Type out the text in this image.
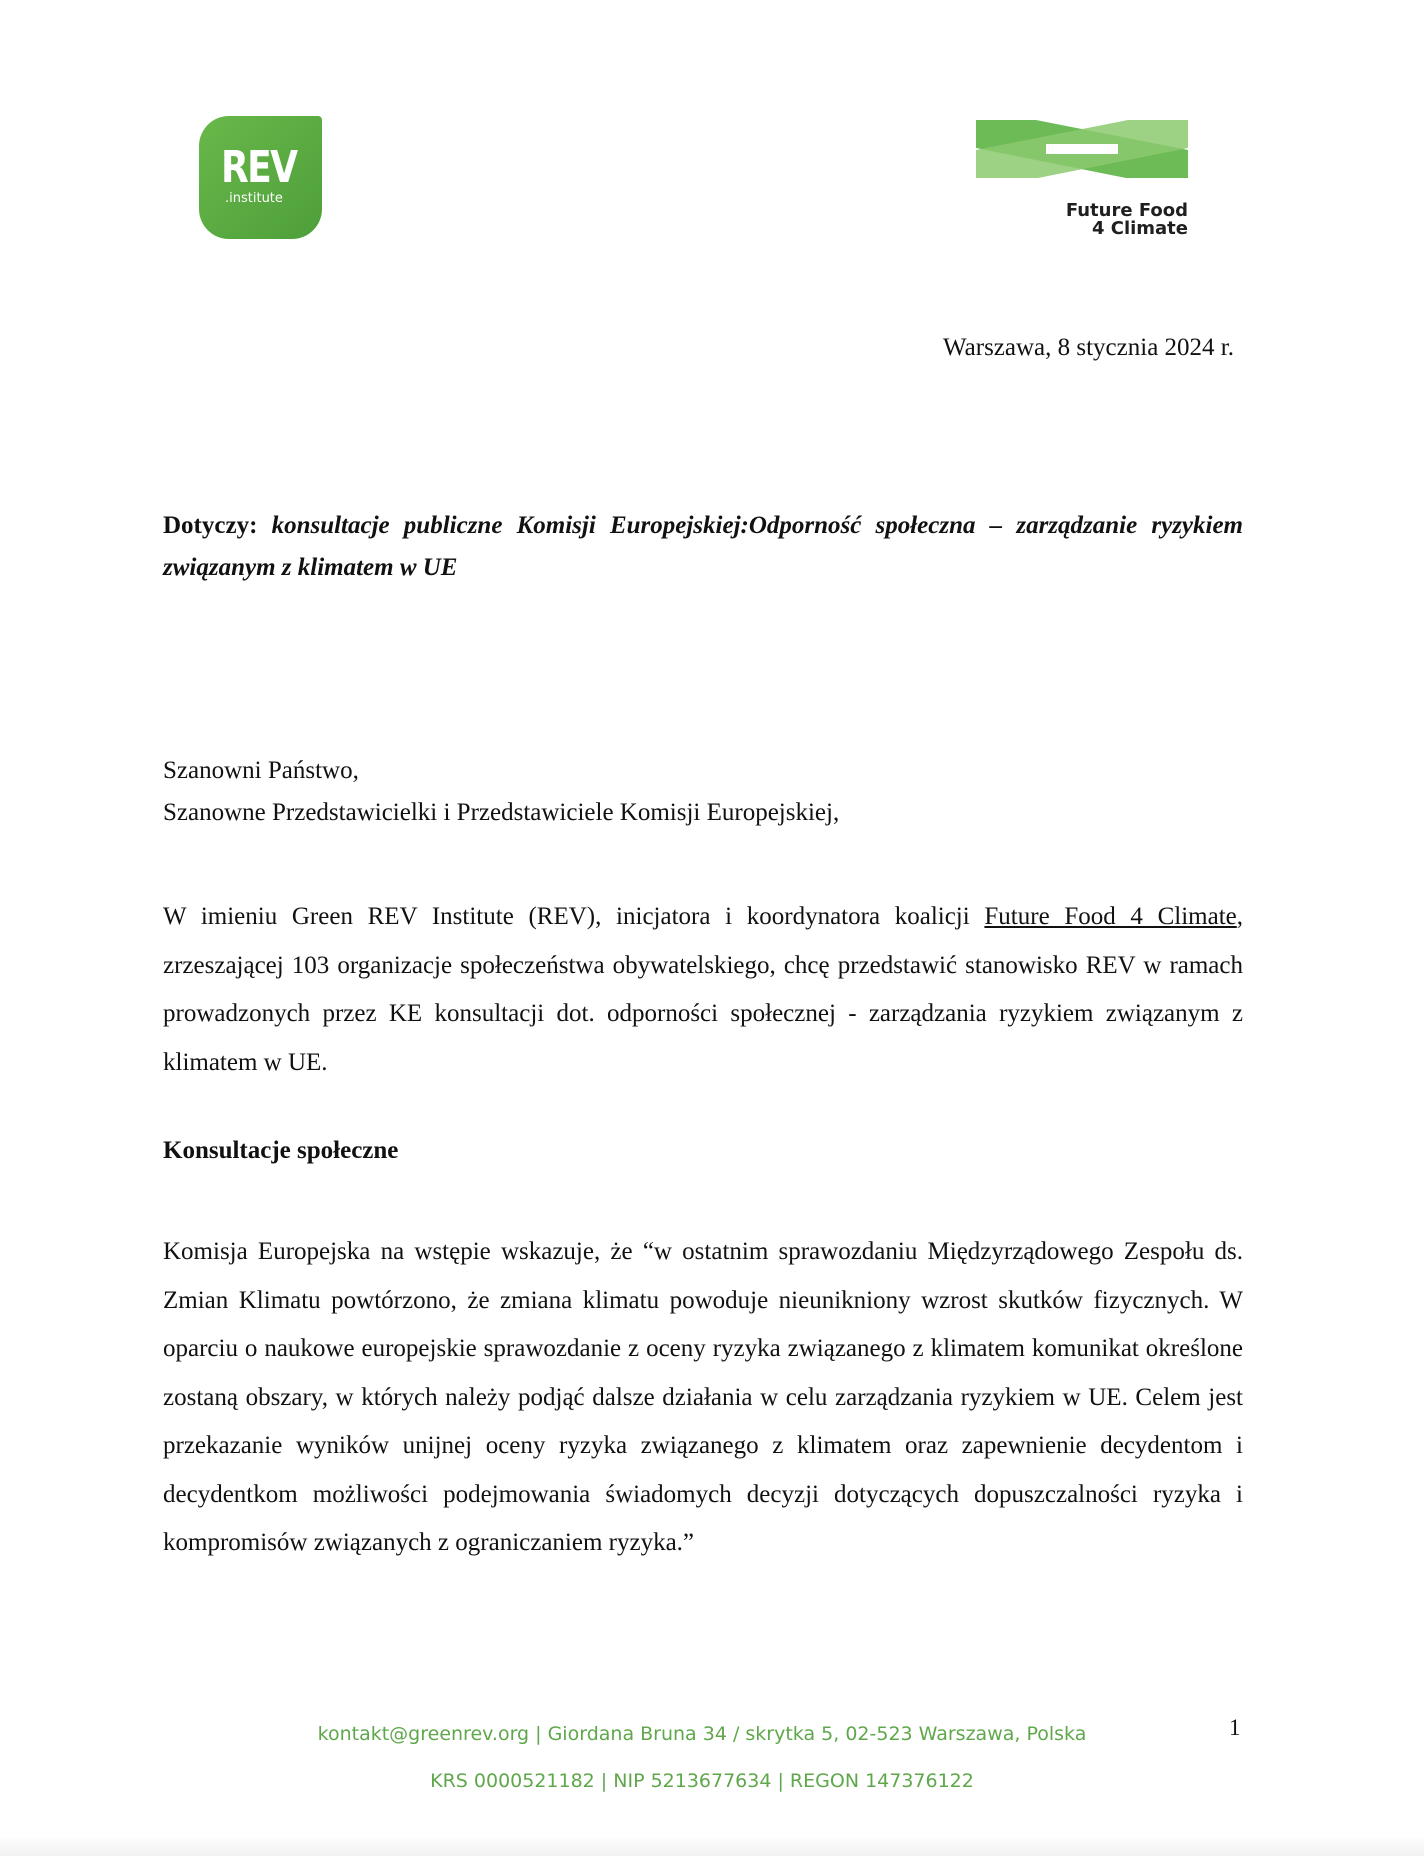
REV
.institute
Future Food
4 Climate
Warszawa, 8 stycznia 2024 r.
Dotyczy: konsultacje publiczne Komisji Europejskiej:Odporność społeczna – zarządzanie ryzykiem związanym z klimatem w UE
Szanowni Państwo,
Szanowne Przedstawicielki i Przedstawiciele Komisji Europejskiej,
W imieniu Green REV Institute (REV), inicjatora i koordynatora koalicji Future Food 4 Climate, zrzeszającej 103 organizacje społeczeństwa obywatelskiego, chcę przedstawić stanowisko REV w ramach prowadzonych przez KE konsultacji dot. odporności społecznej - zarządzania ryzykiem związanym z klimatem w UE.
Konsultacje społeczne
Komisja Europejska na wstępie wskazuje, że “w ostatnim sprawozdaniu Międzyrządowego Zespołu ds. Zmian Klimatu powtórzono, że zmiana klimatu powoduje nieunikniony wzrost skutków fizycznych. W oparciu o naukowe europejskie sprawozdanie z oceny ryzyka związanego z klimatem komunikat określone zostaną obszary, w których należy podjąć dalsze działania w celu zarządzania ryzykiem w UE. Celem jest przekazanie wyników unijnej oceny ryzyka związanego z klimatem oraz zapewnienie decydentom i decydentkom możliwości podejmowania świadomych decyzji dotyczących dopuszczalności ryzyka i kompromisów związanych z ograniczaniem ryzyka.”
kontakt@greenrev.org | Giordana Bruna 34 / skrytka 5, 02-523 Warszawa, Polska
KRS 0000521182 | NIP 5213677634 | REGON 147376122
1
